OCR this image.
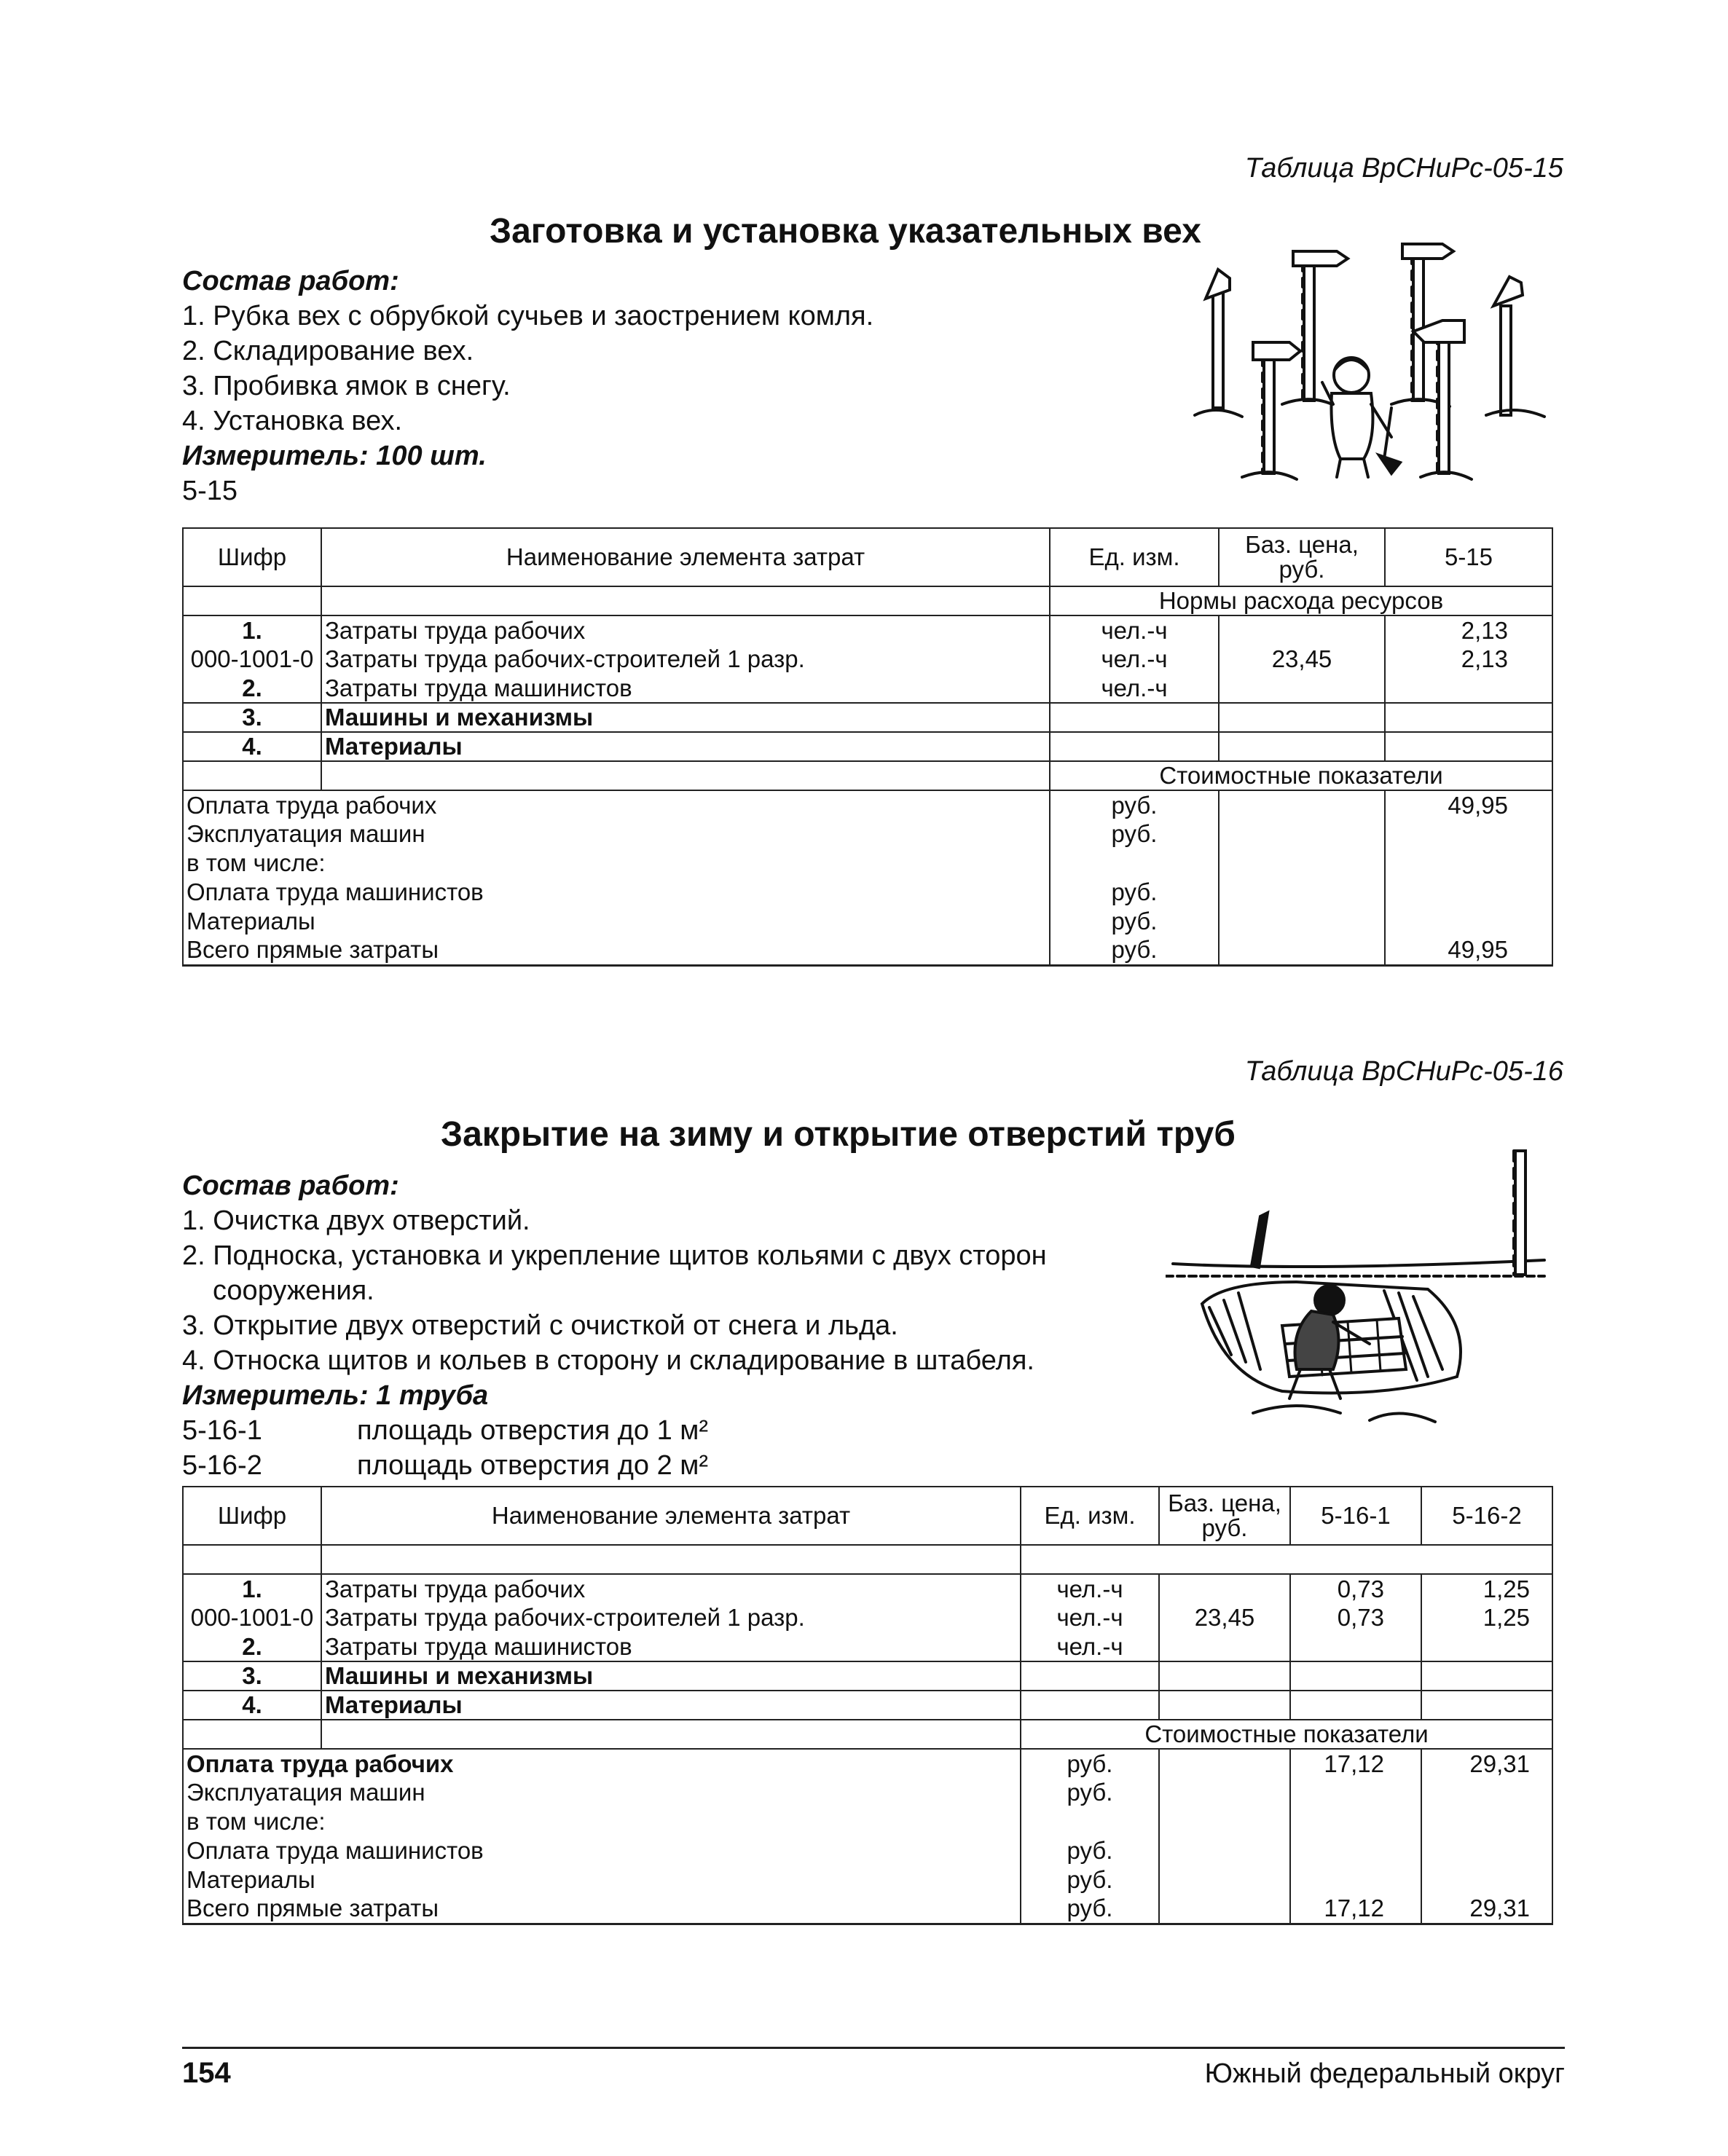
Таблица ВрСНиРс-05-15
Заготовка и установка указательных вех
Состав работ:
1. Рубка вех с обрубкой сучьев и заострением комля.
2. Складирование вех.
3. Пробивка ямок в снегу.
4. Установка вех.
Измеритель: 100 шт.
5-15
Шифр	Наименование элемента затрат	Ед. изм.	Баз. цена, руб.	5-15
		Нормы расхода ресурсов		
1.	Затраты труда рабочих	чел.-ч		2,13
000-1001-0	Затраты труда рабочих-строителей 1 разр.	чел.-ч	23,45	2,13
2.	Затраты труда машинистов	чел.-ч		
3.	Машины и механизмы			
4.	Материалы			
		Стоимостные показатели		
Оплата труда рабочих		руб.		49,95
Эксплуатация машин		руб.		
в том числе:				
Оплата труда машинистов		руб.		
Материалы		руб.		
Всего прямые затраты		руб.		49,95
Таблица ВрСНиРс-05-16
Закрытие на зиму и открытие отверстий труб
Состав работ:
1. Очистка двух отверстий.
2. Подноска, установка и укрепление щитов кольями с двух сторон
сооружения.
3. Открытие двух отверстий с очисткой от снега и льда.
4. Относка щитов и кольев в сторону и складирование в штабеля.
Измеритель: 1 труба
5-16-1	площадь отверстия до 1 м²
5-16-2	площадь отверстия до 2 м²
Шифр	Наименование элемента затрат	Ед. изм.	Баз. цена, руб.	5-16-1	5-16-2

1.	Затраты труда рабочих	чел.-ч		0,73	1,25
000-1001-0	Затраты труда рабочих-строителей 1 разр.	чел.-ч	23,45	0,73	1,25
2.	Затраты труда машинистов	чел.-ч			
3.	Машины и механизмы				
4.	Материалы				
		Стоимостные показатели			
Оплата труда рабочих		руб.		17,12	29,31
Эксплуатация машин		руб.			
в том числе:					
Оплата труда машинистов		руб.			
Материалы		руб.			
Всего прямые затраты		руб.		17,12	29,31
154	Южный федеральный округ
